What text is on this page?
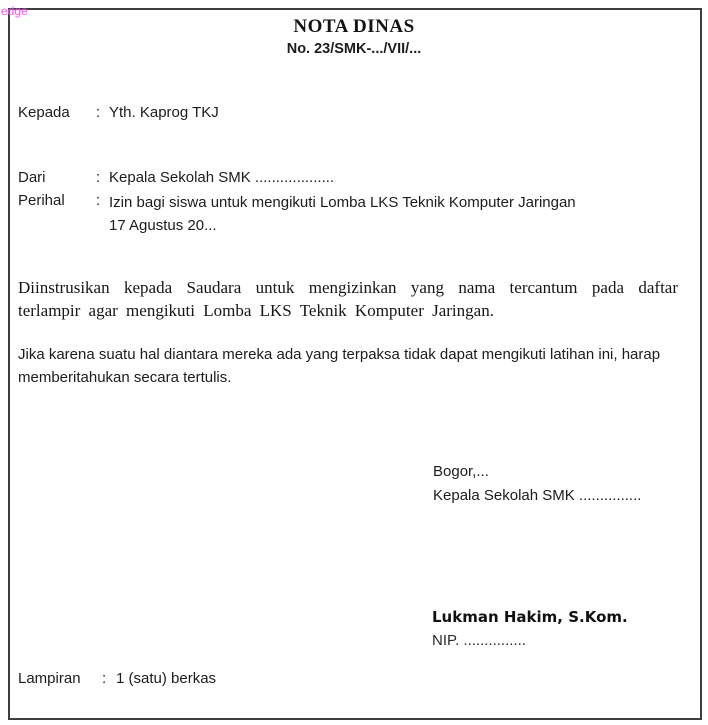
edge
NOTA DINAS
No. 23/SMK-.../VII/...
Kepada	: Yth. Kaprog TKJ
Dari	: Kepala Sekolah SMK ...................
Perihal	: Izin bagi siswa untuk mengikuti Lomba LKS Teknik Komputer Jaringan
17 Agustus 20...
Diinstrusikan kepada Saudara untuk mengizinkan yang nama tercantum pada daftar terlampir agar mengikuti Lomba LKS Teknik Komputer Jaringan.
Jika karena suatu hal diantara mereka ada yang terpaksa tidak dapat mengikuti latihan ini, harap memberitahukan secara tertulis.
Bogor,...
Kepala Sekolah SMK ...............
Lukman Hakim, S.Kom.
NIP. ...............
Lampiran	: 1 (satu) berkas
